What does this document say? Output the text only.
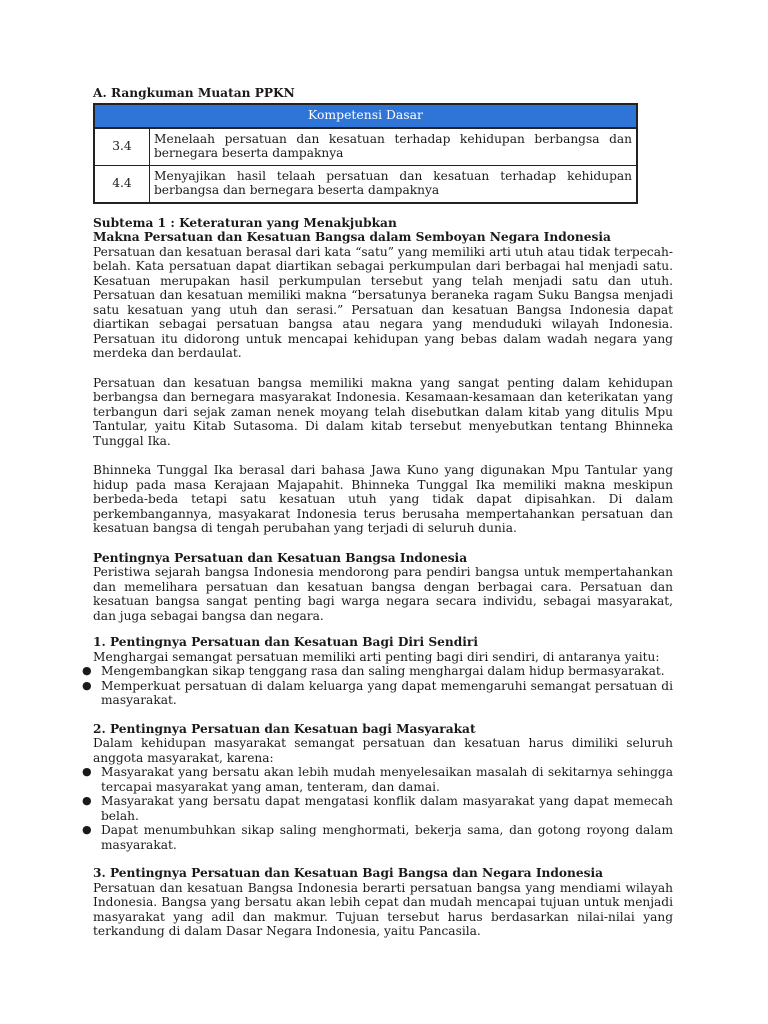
A. Rangkuman Muatan PPKN
Kompetensi Dasar	
3.4	Menelaah persatuan dan kesatuan terhadap kehidupan berbangsa dan bernegara beserta dampaknya
4.4	Menyajikan hasil telaah persatuan dan kesatuan terhadap kehidupan berbangsa dan bernegara beserta dampaknya
Subtema 1 : Keteraturan yang Menakjubkan
Makna Persatuan dan Kesatuan Bangsa dalam Semboyan Negara Indonesia

Persatuan dan kesatuan berasal dari kata “satu” yang memiliki arti utuh atau tidak terpecah-belah. Kata persatuan dapat diartikan sebagai perkumpulan dari berbagai hal menjadi satu. Kesatuan merupakan hasil perkumpulan tersebut yang telah menjadi satu dan utuh. Persatuan dan kesatuan memiliki makna “bersatunya beraneka ragam Suku Bangsa menjadi satu kesatuan yang utuh dan serasi.” Persatuan dan kesatuan Bangsa Indonesia dapat diartikan sebagai persatuan bangsa atau negara yang menduduki wilayah Indonesia. Persatuan itu didorong untuk mencapai kehidupan yang bebas dalam wadah negara yang merdeka dan berdaulat.

Persatuan dan kesatuan bangsa memiliki makna yang sangat penting dalam kehidupan berbangsa dan bernegara masyarakat Indonesia. Kesamaan-kesamaan dan keterikatan yang terbangun dari sejak zaman nenek moyang telah disebutkan dalam kitab yang ditulis Mpu Tantular, yaitu Kitab Sutasoma. Di dalam kitab tersebut menyebutkan tentang Bhinneka Tunggal Ika.

Bhinneka Tunggal Ika berasal dari bahasa Jawa Kuno yang digunakan Mpu Tantular yang hidup pada masa Kerajaan Majapahit. Bhinneka Tunggal Ika memiliki makna meskipun berbeda-beda tetapi satu kesatuan utuh yang tidak dapat dipisahkan. Di dalam perkembangannya, masyakarat Indonesia terus berusaha mempertahankan persatuan dan kesatuan bangsa di tengah perubahan yang terjadi di seluruh dunia.

Pentingnya Persatuan dan Kesatuan Bangsa Indonesia

Peristiwa sejarah bangsa Indonesia mendorong para pendiri bangsa untuk mempertahankan dan memelihara persatuan dan kesatuan bangsa dengan berbagai cara. Persatuan dan kesatuan bangsa sangat penting bagi warga negara secara individu, sebagai masyarakat, dan juga sebagai bangsa dan negara.

1. Pentingnya Persatuan dan Kesatuan Bagi Diri Sendiri

Menghargai semangat persatuan memiliki arti penting bagi diri sendiri, di antaranya yaitu:

● Mengembangkan sikap tenggang rasa dan saling menghargai dalam hidup bermasyarakat.
● Memperkuat persatuan di dalam keluarga yang dapat memengaruhi semangat persatuan di masyarakat.
2. Pentingnya Persatuan dan Kesatuan bagi Masyarakat

Dalam kehidupan masyarakat semangat persatuan dan kesatuan harus dimiliki seluruh anggota masyarakat, karena:

● Masyarakat yang bersatu akan lebih mudah menyelesaikan masalah di sekitarnya sehingga tercapai masyarakat yang aman, tenteram, dan damai.
● Masyarakat yang bersatu dapat mengatasi konflik dalam masyarakat yang dapat memecah belah.
● Dapat menumbuhkan sikap saling menghormati, bekerja sama, dan gotong royong dalam masyarakat.
3. Pentingnya Persatuan dan Kesatuan Bagi Bangsa dan Negara Indonesia

Persatuan dan kesatuan Bangsa Indonesia berarti persatuan bangsa yang mendiami wilayah Indonesia. Bangsa yang bersatu akan lebih cepat dan mudah mencapai tujuan untuk menjadi masyarakat yang adil dan makmur. Tujuan tersebut harus berdasarkan nilai-nilai yang terkandung di dalam Dasar Negara Indonesia, yaitu Pancasila.
